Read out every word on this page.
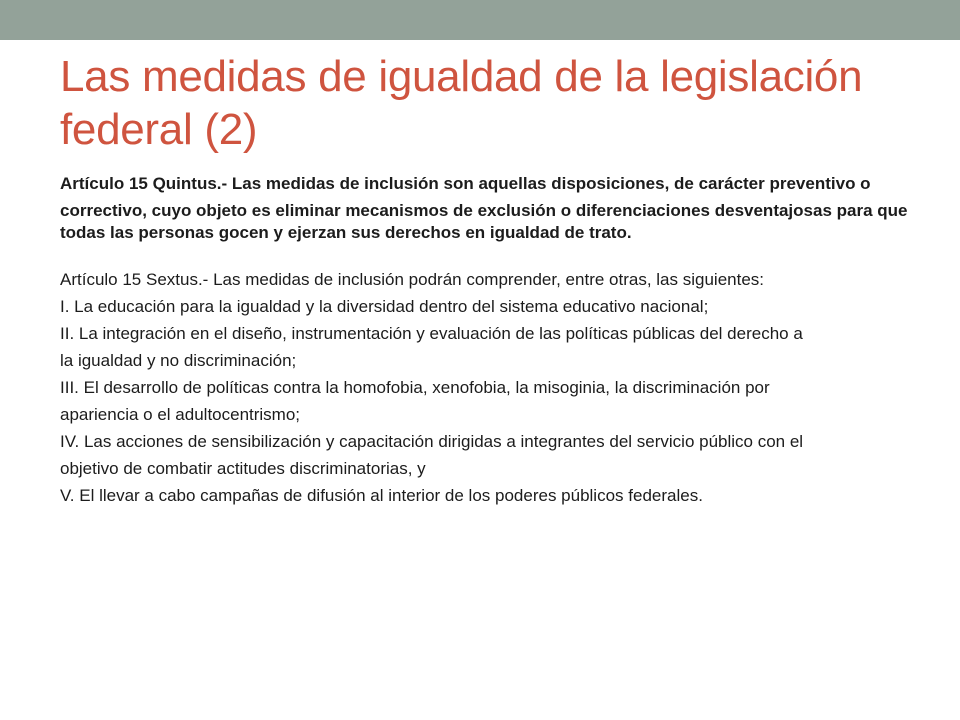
Las medidas de igualdad de la legislación federal (2)

Artículo 15 Quintus.- Las medidas de inclusión son aquellas disposiciones, de carácter preventivo o

correctivo, cuyo objeto es eliminar mecanismos de exclusión o diferenciaciones desventajosas para que todas las personas gocen y ejerzan sus derechos en igualdad de trato.

Artículo 15 Sextus.- Las medidas de inclusión podrán comprender, entre otras, las siguientes:

I. La educación para la igualdad y la diversidad dentro del sistema educativo nacional;

II. La integración en el diseño, instrumentación y evaluación de las políticas públicas del derecho a

la igualdad y no discriminación;

III. El desarrollo de políticas contra la homofobia, xenofobia, la misoginia, la discriminación por

apariencia o el adultocentrismo;

IV. Las acciones de sensibilización y capacitación dirigidas a integrantes del servicio público con el

objetivo de combatir actitudes discriminatorias, y

V. El llevar a cabo campañas de difusión al interior de los poderes públicos federales.
